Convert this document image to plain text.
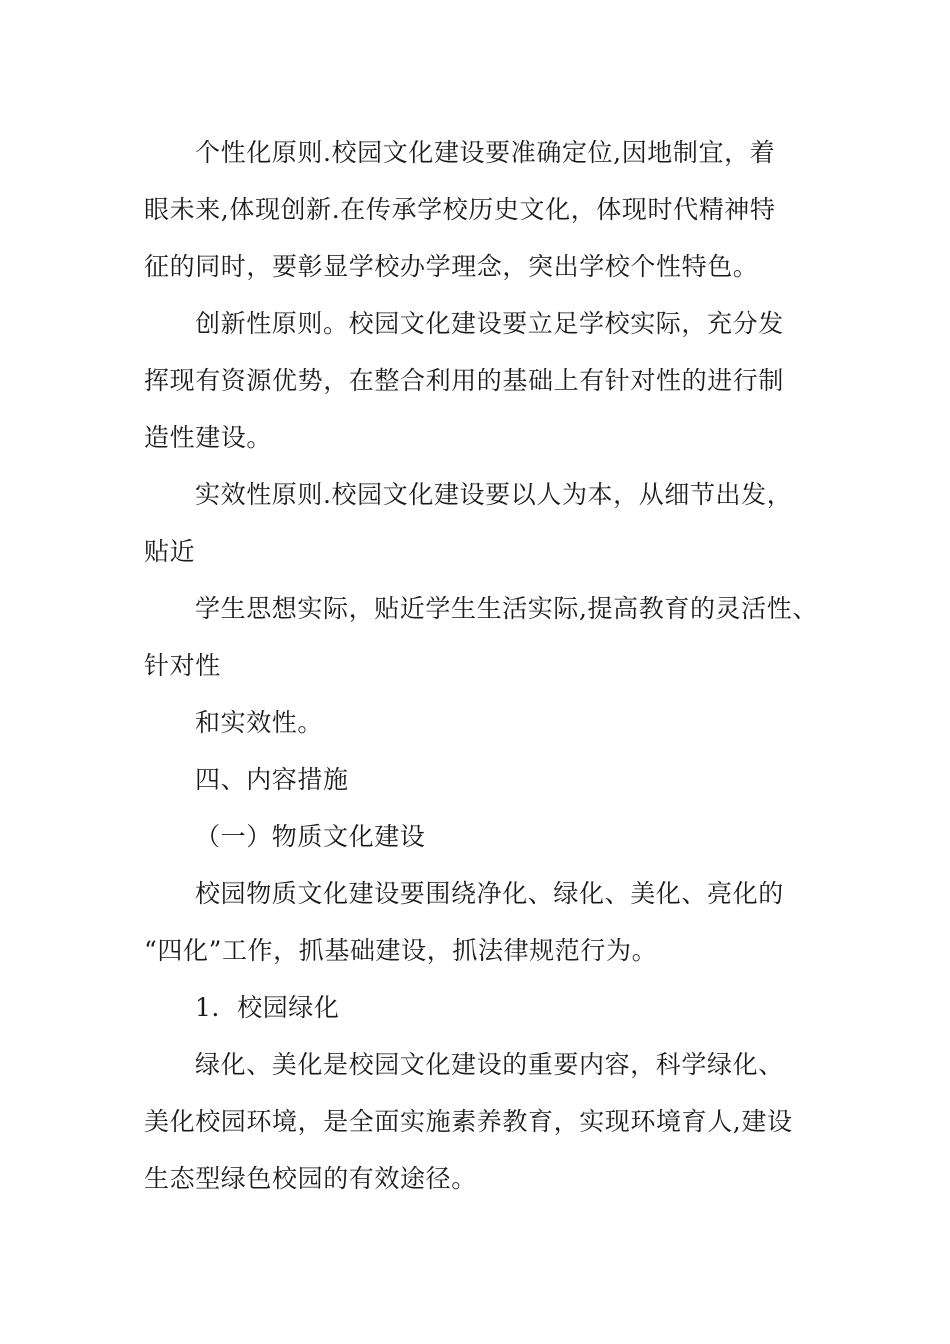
个性化原则.校园文化建设要准确定位,因地制宜，着
眼未来,体现创新.在传承学校历史文化，体现时代精神特
征的同时，要彰显学校办学理念，突出学校个性特色。
创新性原则。校园文化建设要立足学校实际，充分发
挥现有资源优势，在整合利用的基础上有针对性的进行制
造性建设。
实效性原则.校园文化建设要以人为本，从细节出发，
贴近
学生思想实际，贴近学生生活实际,提高教育的灵活性、
针对性
和实效性。
四、内容措施
（一）物质文化建设
校园物质文化建设要围绕净化、绿化、美化、亮化的
“四化”工作，抓基础建设，抓法律规范行为。
1．校园绿化
绿化、美化是校园文化建设的重要内容，科学绿化、
美化校园环境，是全面实施素养教育，实现环境育人,建设
生态型绿色校园的有效途径。
